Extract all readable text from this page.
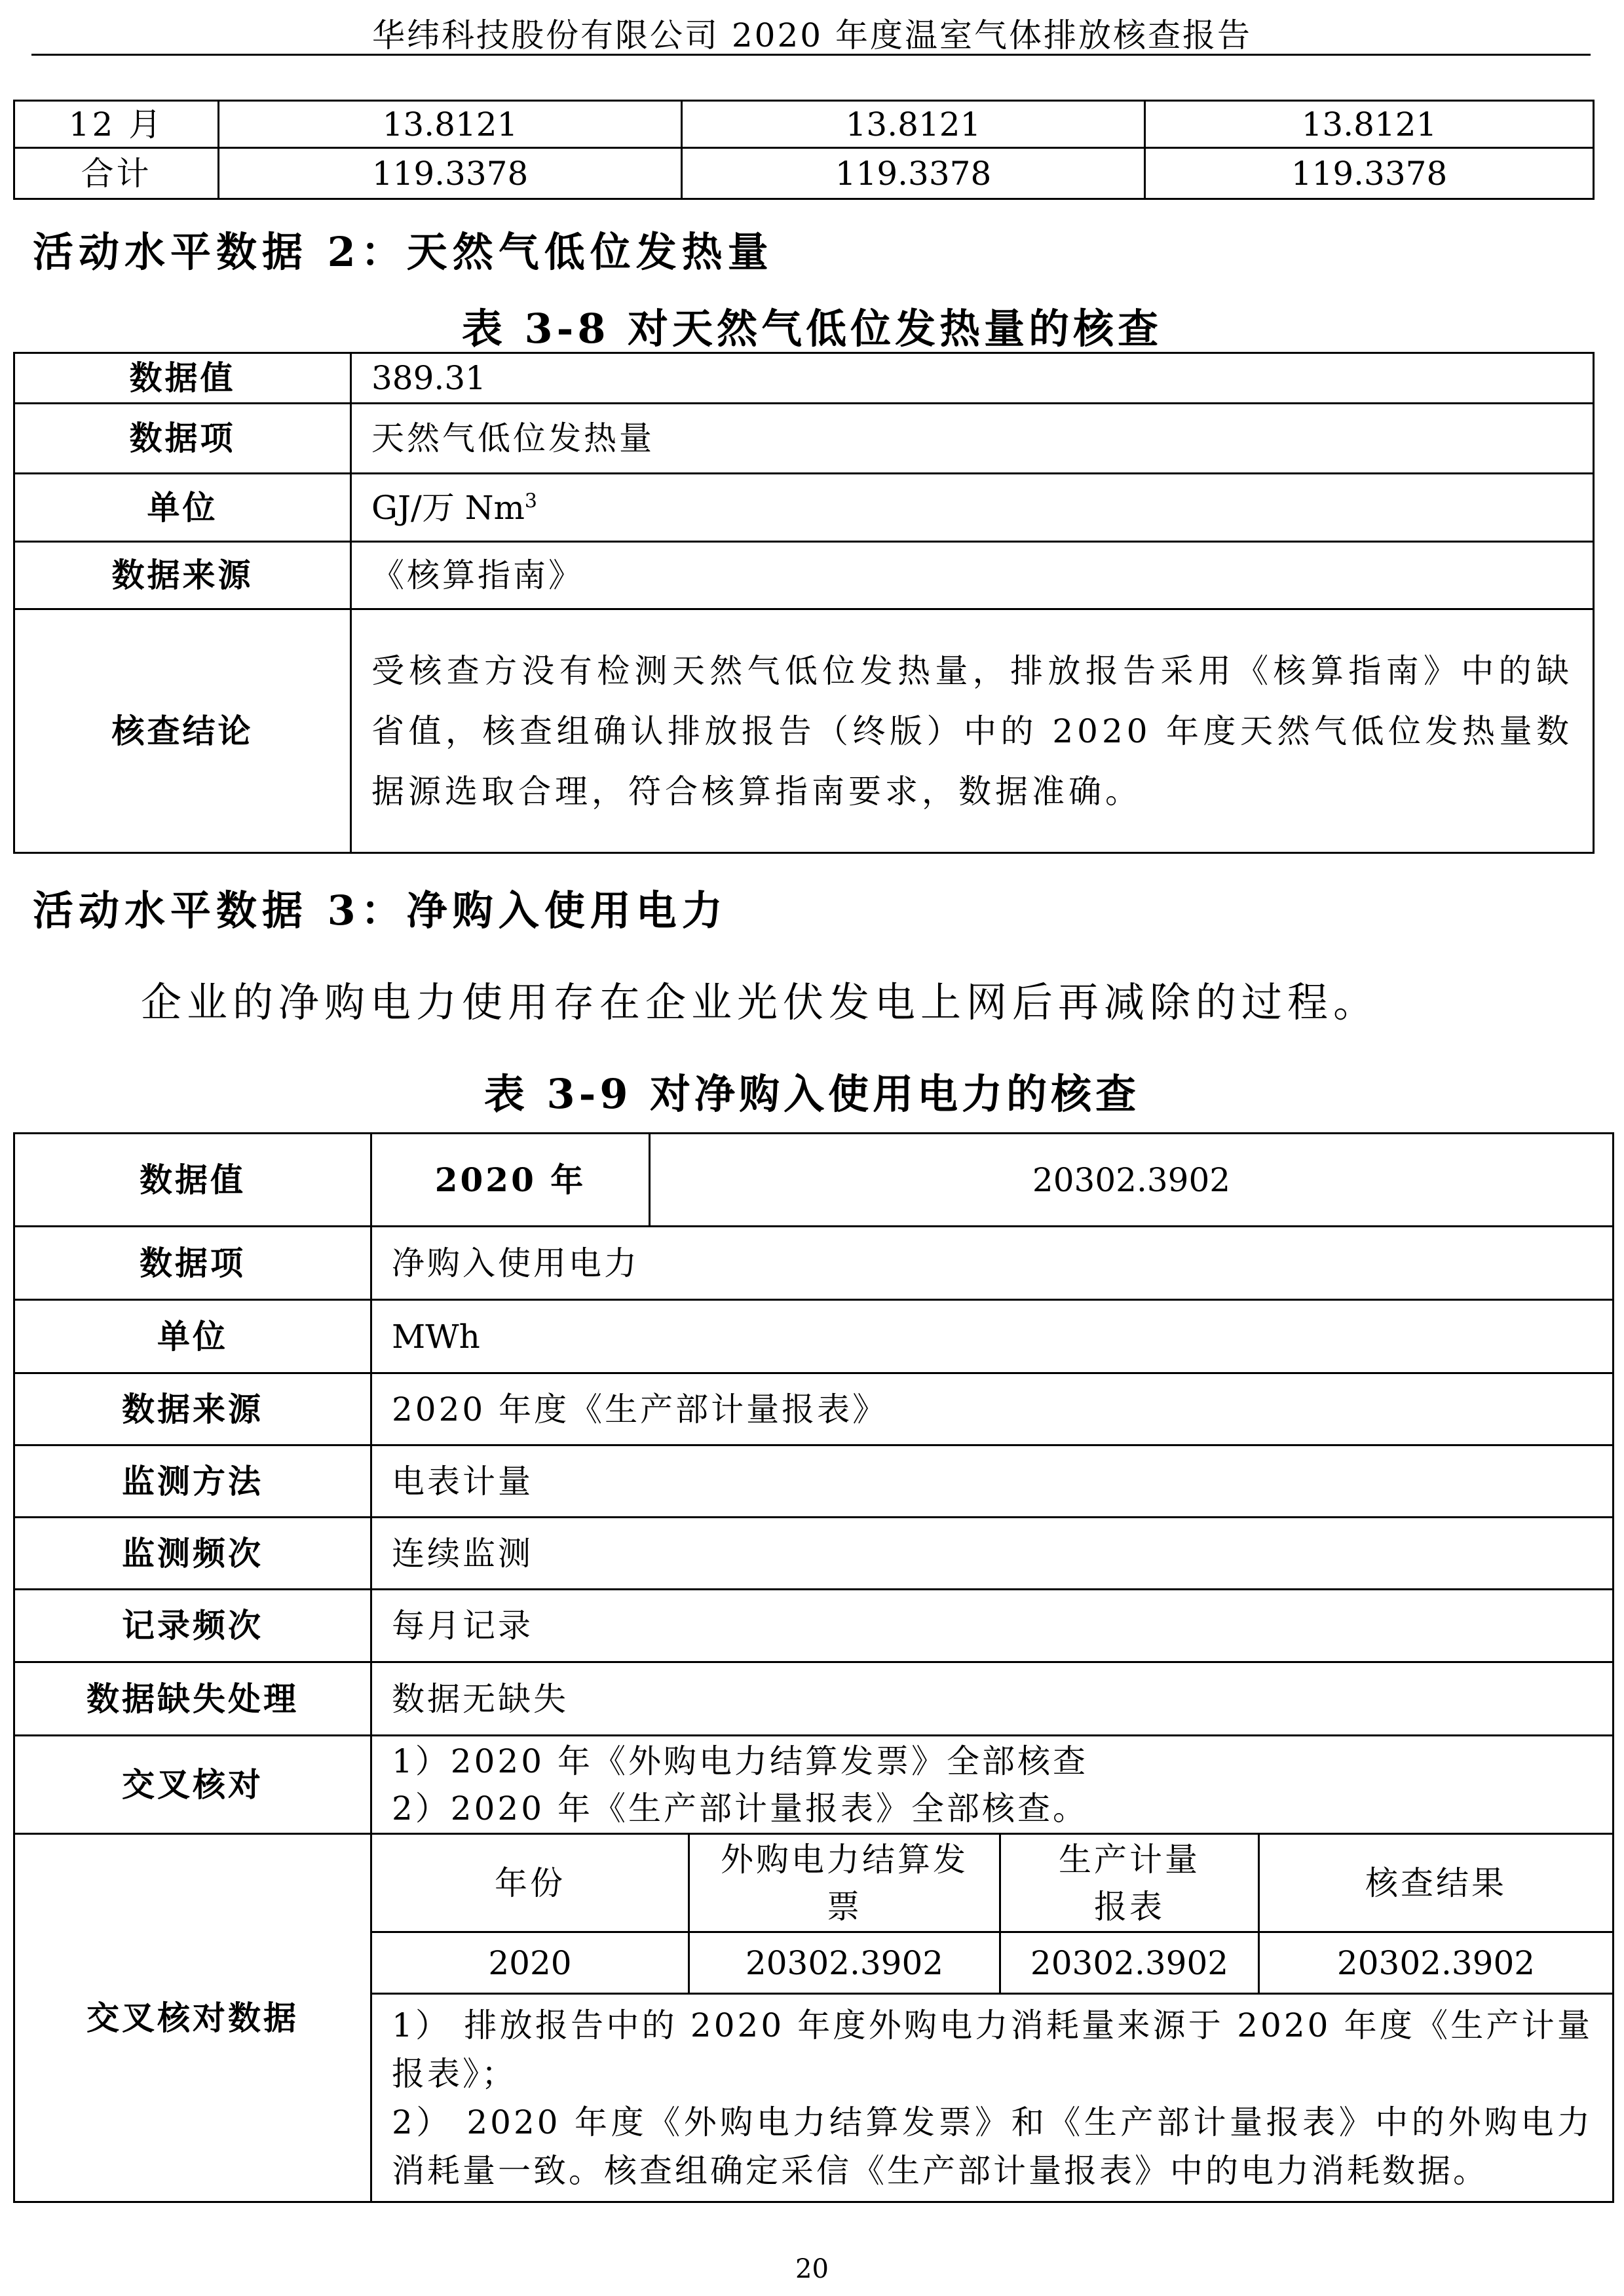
华纬科技股份有限公司 2020 年度温室气体排放核查报告
12 月	13.8121	13.8121	13.8121
合计	119.3378	119.3378	119.3378
活动水平数据 2：天然气低位发热量
表 3-8 对天然气低位发热量的核查
数据值	389.31
数据项	天然气低位发热量
单位	GJ/万 Nm$^3$
数据来源	《核算指南》
核查结论	受核查方没有检测天然气低位发热量，排放报告采用《核算指南》中的缺省值，核查组确认排放报告（终版）中的 2020 年度天然气低位发热量数据源选取合理，符合核算指南要求，数据准确。
活动水平数据 3：净购入使用电力
企业的净购电力使用存在企业光伏发电上网后再减除的过程。
表 3-9 对净购入使用电力的核查
数据值	2020 年	20302.3902			
数据项	净购入使用电力				
单位	MWh				
数据来源	2020 年度《生产部计量报表》				
监测方法	电表计量				
监测频次	连续监测				
记录频次	每月记录				
数据缺失处理	数据无缺失				
交叉核对	1）2020 年《外购电力结算发票》全部核查
2）2020 年《生产部计量报表》全部核查。				

交叉核对数据	年份		外购电力结算发票	生产计量报表	核查结果
	2020		20302.3902	20302.3902	20302.3902
	1） 排放报告中的 2020 年度外购电力消耗量来源于 2020 年度《生产计量报表》；
2） 2020 年度《外购电力结算发票》和《生产部计量报表》中的外购电力消耗量一致。核查组确定采信《生产部计量报表》中的电力消耗数据。				
20
